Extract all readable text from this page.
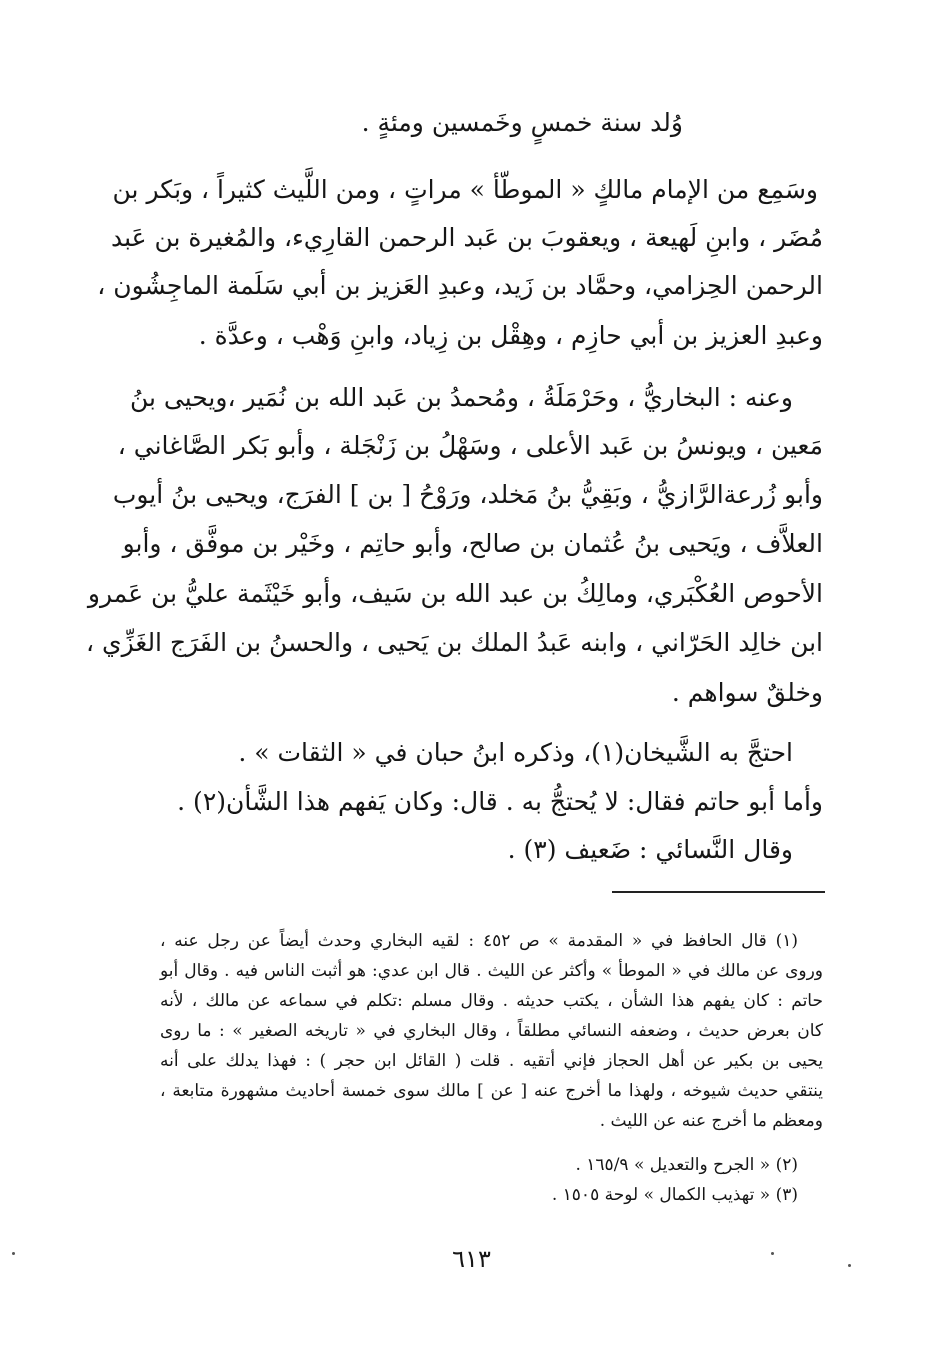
وُلد سنة خمسٍ وخَمسين ومئةٍ .
وسَمِع من الإمام مالكٍ « الموطّأ » مراتٍ ، ومن اللَّيث كثيراً ، وبَكر بن
مُضَر ، وابنِ لَهيعة ، ويعقوبَ بن عَبد الرحمن القارِيء، والمُغيرة بن عَبد
الرحمن الحِزامي، وحمَّاد بن زَيد، وعبدِ العَزيز بن أبي سَلَمة الماجِشُون ،
وعبدِ العزيز بن أبي حازِم ، وهِقْل بن زِياد، وابنِ وَهْب ، وعدَّة .
وعنه : البخاريُّ ، وحَرْمَلَةُ ، ومُحمدُ بن عَبد الله بن نُمَير ،ويحيى بنُ
مَعين ، ويونسُ بن عَبد الأعلى ، وسَهْلُ بن زَنْجَلة ، وأبو بَكر الصَّاغاني ،
وأبو زُرعةالرَّازيُّ ، وبَقِيُّ بنُ مَخلد، ورَوْحُ [ بن ] الفرَج، ويحيى بنُ أيوب
العلاَّف ، ويَحيى بنُ عُثمان بن صالح، وأبو حاتِم ، وخَيْر بن موفَّق ، وأبو
الأحوص العُكْبَري، ومالِكُ بن عبد الله بن سَيف، وأبو خَيْثَمة عليُّ بن عَمرو
ابن خالِد الحَرّاني ، وابنه عَبدُ الملك بن يَحيى ، والحسنُ بن الفَرَج الغَزِّي ،
وخلقٌ سواهم .
احتجَّ به الشَّيخان(١)، وذكره ابنُ حبان في « الثقات » .
وأما أبو حاتم فقال: لا يُحتجُّ به . قال: وكان يَفهم هذا الشَّأن(٢) .
وقال النَّسائي : ضَعيف (٣) .
(١) قال الحافظ في « المقدمة » ص ٤٥٢ : لقيه البخاري وحدث أيضاً عن رجل عنه ،
وروى عن مالك في « الموطأ » وأكثر عن الليث . قال ابن عدي: هو أثبت الناس فيه . وقال أبو
حاتم : كان يفهم هذا الشأن ، يكتب حديثه . وقال مسلم :تكلم في سماعه عن مالك ، لأنه
كان بعرض حديث ، وضعفه النسائي مطلقاً ، وقال البخاري في « تاريخه الصغير » : ما روى
يحيى بن بكير عن أهل الحجاز فإني أتقيه . قلت ( القائل ابن حجر ) : فهذا يدلك على أنه
ينتقي حديث شيوخه ، ولهذا ما أخرج عنه [ عن ] مالك سوى خمسة أحاديث مشهورة متابعة ،
ومعظم ما أخرج عنه عن الليث .
(٢) « الجرح والتعديل » ١٦٥/٩ .
(٣) « تهذيب الكمال » لوحة ١٥٠٥ .
٦١٣
